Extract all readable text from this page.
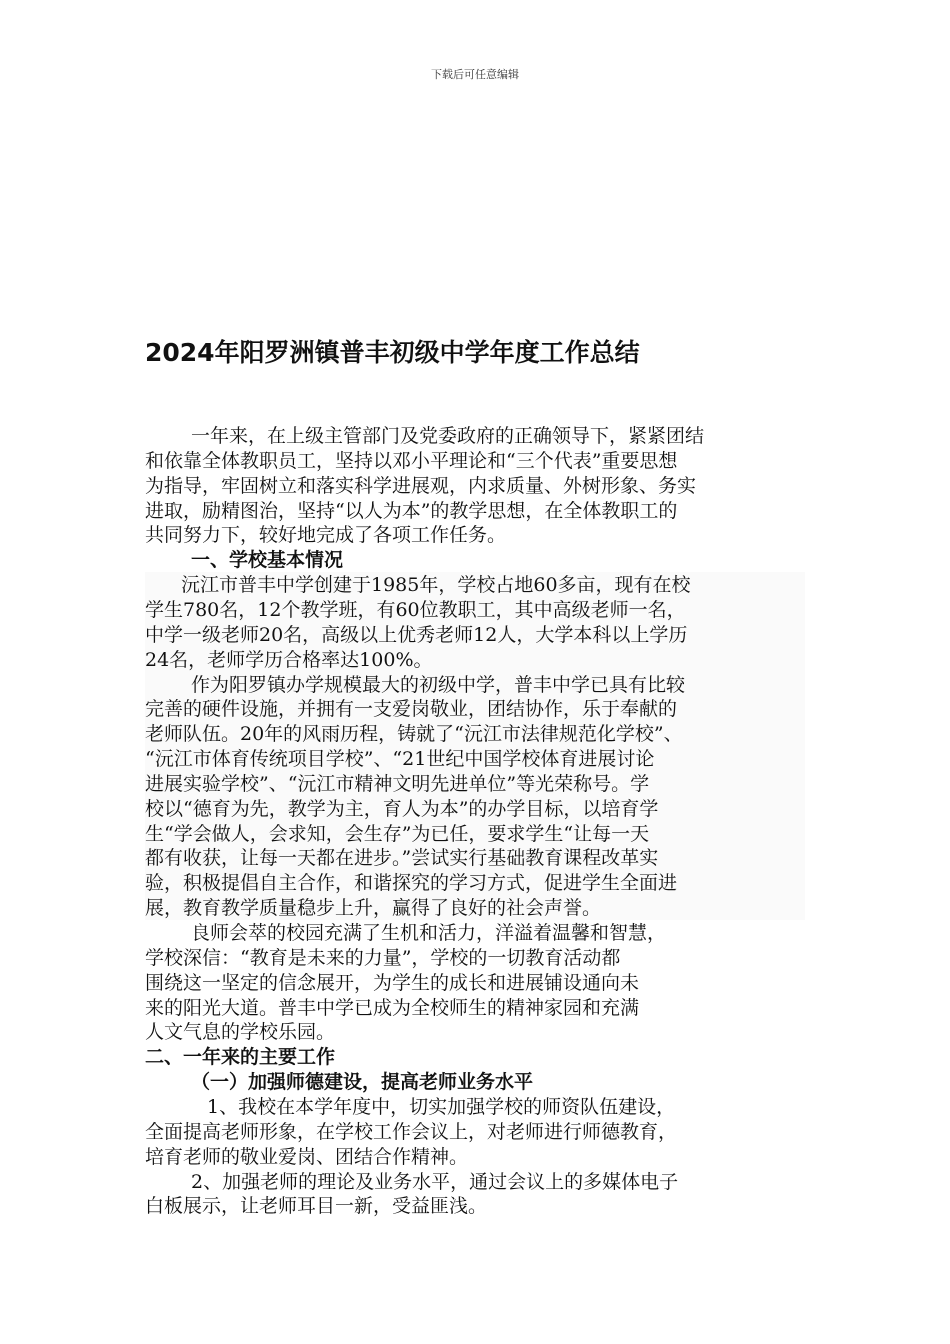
下载后可任意编辑
2024年阳罗洲镇普丰初级中学年度工作总结
一年来，在上级主管部门及党委政府的正确领导下，紧紧团结
和依靠全体教职员工，坚持以邓小平理论和“三个代表”重要思想
为指导，牢固树立和落实科学进展观，内求质量、外树形象、务实
进取，励精图治，坚持“以人为本”的教学思想，在全体教职工的
共同努力下，较好地完成了各项工作任务。
一、学校基本情况
沅江市普丰中学创建于1985年，学校占地60多亩，现有在校
学生780名，12个教学班，有60位教职工，其中高级老师一名，
中学一级老师20名，高级以上优秀老师12人，大学本科以上学历
24名，老师学历合格率达100%。
作为阳罗镇办学规模最大的初级中学，普丰中学已具有比较
完善的硬件设施，并拥有一支爱岗敬业，团结协作，乐于奉献的
老师队伍。20年的风雨历程，铸就了“沅江市法律规范化学校”、
“沅江市体育传统项目学校”、“21世纪中国学校体育进展讨论
进展实验学校”、“沅江市精神文明先进单位”等光荣称号。学
校以“德育为先，教学为主，育人为本”的办学目标，以培育学
生“学会做人，会求知，会生存”为已任，要求学生“让每一天
都有收获，让每一天都在进步。”尝试实行基础教育课程改革实
验，积极提倡自主合作，和谐探究的学习方式，促进学生全面进
展，教育教学质量稳步上升，赢得了良好的社会声誉。
良师会萃的校园充满了生机和活力，洋溢着温馨和智慧，
学校深信：“教育是未来的力量”，学校的一切教育活动都
围绕这一坚定的信念展开，为学生的成长和进展铺设通向未
来的阳光大道。普丰中学已成为全校师生的精神家园和充满
人文气息的学校乐园。
二、一年来的主要工作
（一）加强师德建设，提高老师业务水平
1、我校在本学年度中，切实加强学校的师资队伍建设，
全面提高老师形象，在学校工作会议上，对老师进行师德教育，
培育老师的敬业爱岗、团结合作精神。
2、加强老师的理论及业务水平，通过会议上的多媒体电子
白板展示，让老师耳目一新，受益匪浅。
